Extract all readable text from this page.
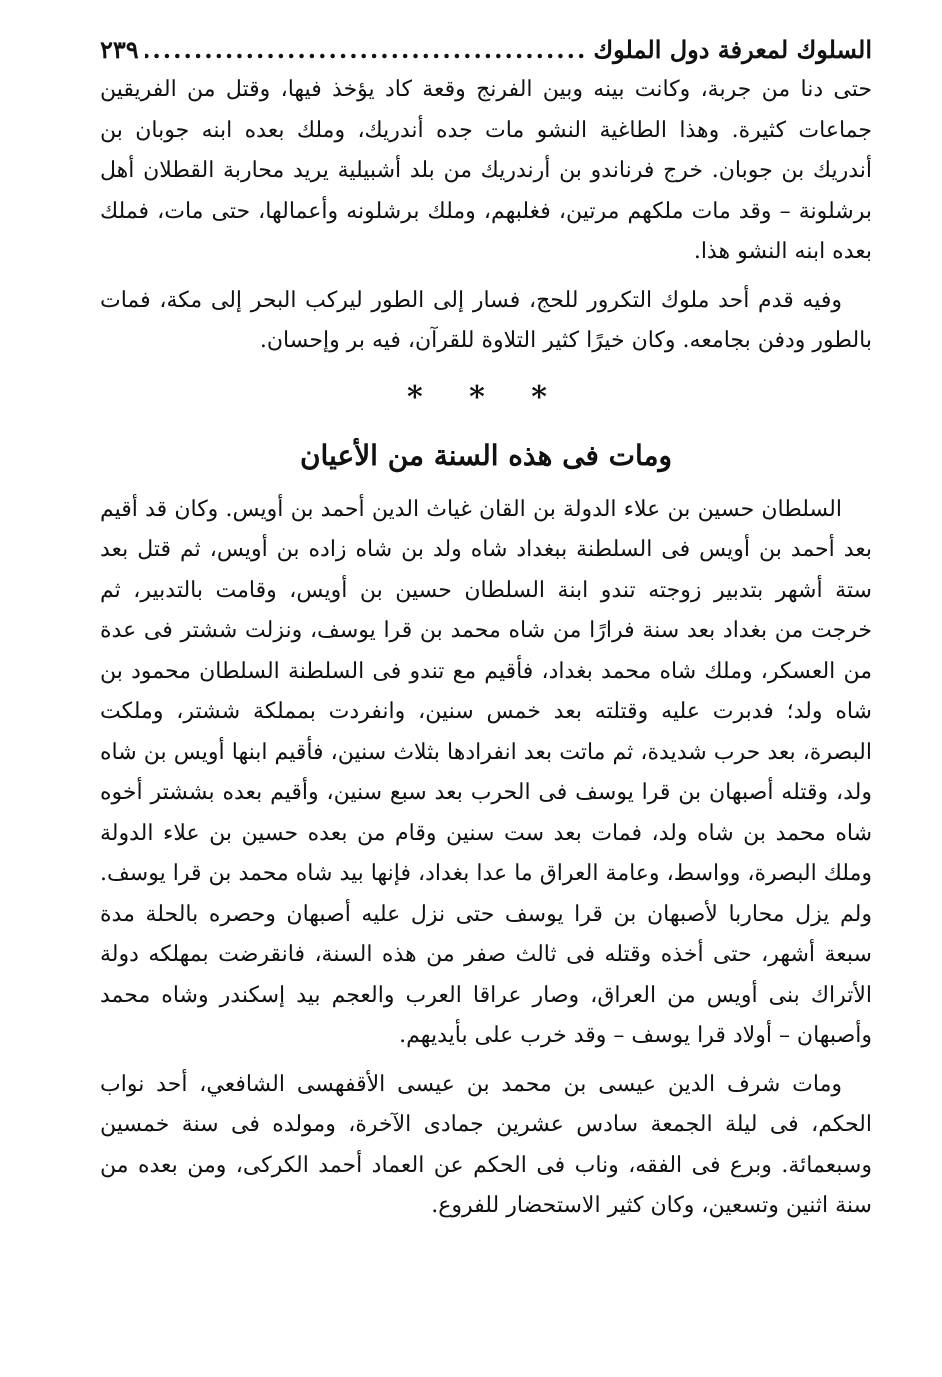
السلوك لمعرفة دول الملوك
.....
٢٣٩

حتى دنا من جربة، وكانت بينه وبين الفرنج وقعة كاد يؤخذ فيها، وقتل من الفريقين جماعات كثيرة. وهذا الطاغية النشو مات جده أندريك، وملك بعده ابنه جوبان بن أندريك بن جوبان. خرج فرناندو بن أرندريك من بلد أشبيلية يريد محاربة القطلان أهل برشلونة – وقد مات ملكهم مرتين، فغلبهم، وملك برشلونه وأعمالها، حتى مات، فملك بعده ابنه النشو هذا.

وفيه قدم أحد ملوك التكرور للحج، فسار إلى الطور ليركب البحر إلى مكة، فمات بالطور ودفن بجامعه. وكان خيرًا كثير التلاوة للقرآن، فيه بر وإحسان.

* * *
ومات فى هذه السنة من الأعيان

السلطان حسين بن علاء الدولة بن القان غياث الدين أحمد بن أويس. وكان قد أقيم بعد أحمد بن أويس فى السلطنة ببغداد شاه ولد بن شاه زاده بن أويس، ثم قتل بعد ستة أشهر بتدبير زوجته تندو ابنة السلطان حسين بن أويس، وقامت بالتدبير، ثم خرجت من بغداد بعد سنة فرارًا من شاه محمد بن قرا يوسف، ونزلت ششتر فى عدة من العسكر، وملك شاه محمد بغداد، فأقيم مع تندو فى السلطنة السلطان محمود بن شاه ولد؛ فدبرت عليه وقتلته بعد خمس سنين، وانفردت بمملكة ششتر، وملكت البصرة، بعد حرب شديدة، ثم ماتت بعد انفرادها بثلاث سنين، فأقيم ابنها أويس بن شاه ولد، وقتله أصبهان بن قرا يوسف فى الحرب بعد سبع سنين، وأقيم بعده بششتر أخوه شاه محمد بن شاه ولد، فمات بعد ست سنين وقام من بعده حسين بن علاء الدولة وملك البصرة، وواسط، وعامة العراق ما عدا بغداد، فإنها بيد شاه محمد بن قرا يوسف. ولم يزل محاربا لأصبهان بن قرا يوسف حتى نزل عليه أصبهان وحصره بالحلة مدة سبعة أشهر، حتى أخذه وقتله فى ثالث صفر من هذه السنة، فانقرضت بمهلكه دولة الأتراك بنى أويس من العراق، وصار عراقا العرب والعجم بيد إسكندر وشاه محمد وأصبهان – أولاد قرا يوسف – وقد خرب على بأيديهم.

ومات شرف الدين عيسى بن محمد بن عيسى الأقفهسى الشافعي، أحد نواب الحكم، فى ليلة الجمعة سادس عشرين جمادى الآخرة، ومولده فى سنة خمسين وسبعمائة. وبرع فى الفقه، وناب فى الحكم عن العماد أحمد الكركى، ومن بعده من سنة اثنين وتسعين، وكان كثير الاستحضار للفروع.
